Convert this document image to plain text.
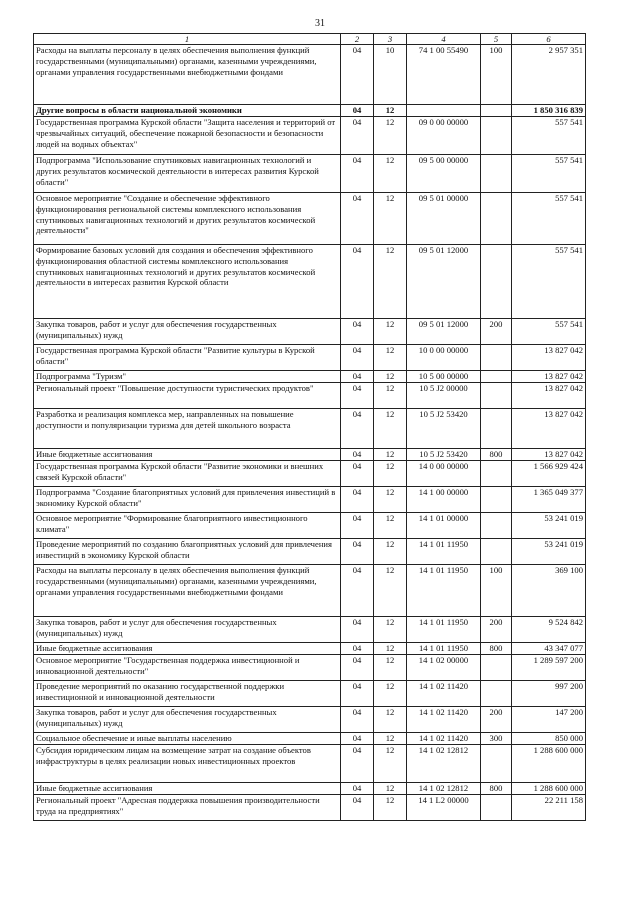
31
1	2	3	4	5	6
Расходы на выплаты персоналу в целях обеспечения выполнения функций государственными (муниципальными) органами, казенными учреждениями, органами управления государственными внебюджетными фондами	04	10	74 1 00 55490	100	2 957 351
Другие вопросы в области национальной экономики	04	12			1 850 316 839
Государственная программа Курской области "Защита населения и территорий от чрезвычайных ситуаций, обеспечение пожарной безопасности и безопасности людей на водных объектах"	04	12	09 0 00 00000		557 541
Подпрограмма "Использование спутниковых навигационных технологий и других результатов космической деятельности в интересах развития Курской области"	04	12	09 5 00 00000		557 541
Основное мероприятие "Создание и обеспечение эффективного функционирования региональной системы комплексного использования спутниковых навигационных технологий и других результатов космической деятельности"	04	12	09 5 01 00000		557 541
Формирование базовых условий для создания и обеспечения эффективного функционирования областной системы комплексного использования спутниковых навигационных технологий и других результатов космической деятельности в интересах развития Курской области	04	12	09 5 01 12000		557 541
Закупка товаров, работ и услуг для обеспечения государственных (муниципальных) нужд	04	12	09 5 01 12000	200	557 541
Государственная программа Курской области "Развитие культуры в Курской области"	04	12	10 0 00 00000		13 827 042
Подпрограмма "Туризм"	04	12	10 5 00 00000		13 827 042
Региональный проект "Повышение доступности туристических продуктов"	04	12	10 5 J2 00000		13 827 042
Разработка и реализация комплекса мер, направленных на повышение доступности и популяризации туризма для детей школьного возраста	04	12	10 5 J2 53420		13 827 042
Иные бюджетные ассигнования	04	12	10 5 J2 53420	800	13 827 042
Государственная программа Курской области "Развитие экономики и внешних связей Курской области"	04	12	14 0 00 00000		1 566 929 424
Подпрограмма "Создание благоприятных условий для привлечения инвестиций в экономику Курской области"	04	12	14 1 00 00000		1 365 049 377
Основное мероприятие "Формирование благоприятного инвестиционного климата"	04	12	14 1 01 00000		53 241 019
Проведение мероприятий по созданию благоприятных условий для привлечения инвестиций в экономику Курской области	04	12	14 1 01 11950		53 241 019
Расходы на выплаты персоналу в целях обеспечения выполнения функций государственными (муниципальными) органами, казенными учреждениями, органами управления государственными внебюджетными фондами	04	12	14 1 01 11950	100	369 100
Закупка товаров, работ и услуг для обеспечения государственных (муниципальных) нужд	04	12	14 1 01 11950	200	9 524 842
Иные бюджетные ассигнования	04	12	14 1 01 11950	800	43 347 077
Основное мероприятие "Государственная поддержка инвестиционной и инновационной деятельности"	04	12	14 1 02 00000		1 289 597 200
Проведение мероприятий по оказанию государственной поддержки инвестиционной и инновационной деятельности	04	12	14 1 02 11420		997 200
Закупка товаров, работ и услуг для обеспечения государственных (муниципальных) нужд	04	12	14 1 02 11420	200	147 200
Социальное обеспечение и иные выплаты населению	04	12	14 1 02 11420	300	850 000
Субсидия юридическим лицам на возмещение затрат на создание объектов инфраструктуры в целях реализации новых инвестиционных проектов	04	12	14 1 02 12812		1 288 600 000
Иные бюджетные ассигнования	04	12	14 1 02 12812	800	1 288 600 000
Региональный проект "Адресная поддержка повышения производительности труда на предприятиях"	04	12	14 1 L2 00000		22 211 158
